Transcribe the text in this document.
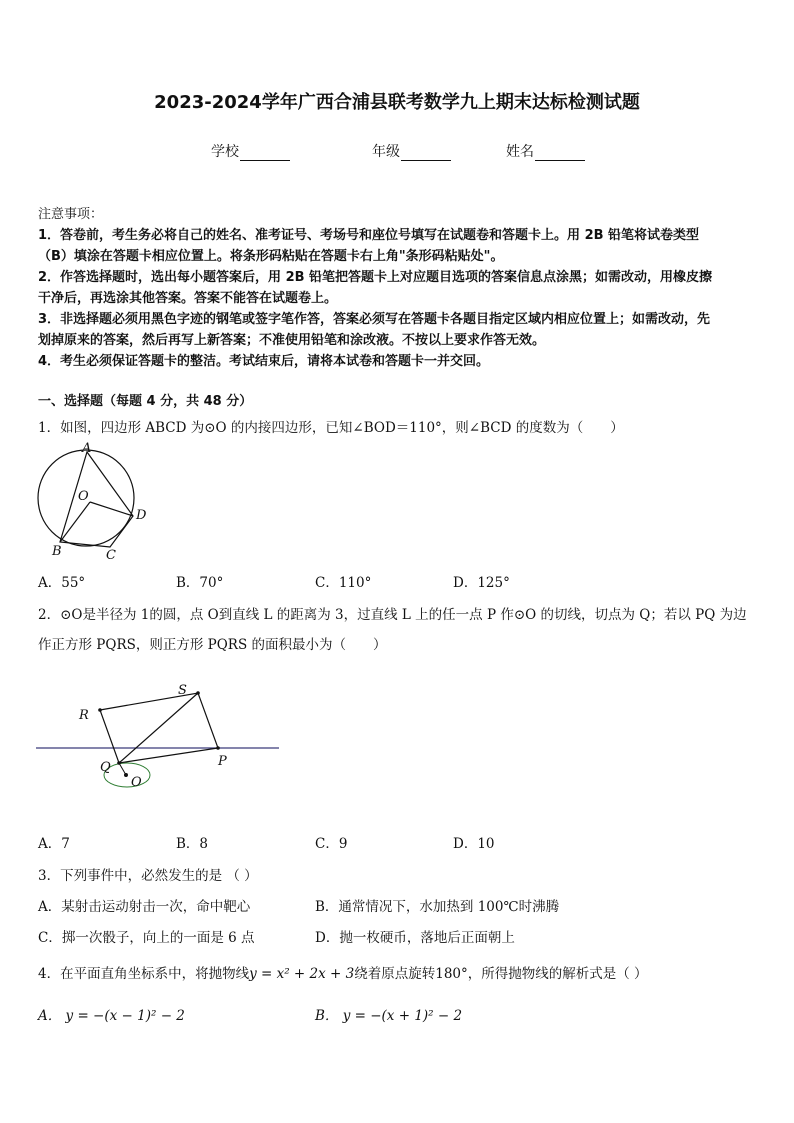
2023-2024学年广西合浦县联考数学九上期末达标检测试题
学校	年级	姓名
注意事项：
1．答卷前，考生务必将自己的姓名、准考证号、考场号和座位号填写在试题卷和答题卡上。用 2B 铅笔将试卷类型
（B）填涂在答题卡相应位置上。将条形码粘贴在答题卡右上角"条形码粘贴处"。
2．作答选择题时，选出每小题答案后，用 2B 铅笔把答题卡上对应题目选项的答案信息点涂黑；如需改动，用橡皮擦
干净后，再选涂其他答案。答案不能答在试题卷上。
3．非选择题必须用黑色字迹的钢笔或签字笔作答，答案必须写在答题卡各题目指定区域内相应位置上；如需改动，先
划掉原来的答案，然后再写上新答案；不准使用铅笔和涂改液。不按以上要求作答无效。
4．考生必须保证答题卡的整洁。考试结束后，请将本试卷和答题卡一并交回。
一、选择题（每题 4 分，共 48 分）
1．如图，四边形 ABCD 为⊙O 的内接四边形，已知∠BOD＝110°，则∠BCD 的度数为（　　）
A
O
D
B	C
A．55°	B．70°	C．110°	D．125°
2．⊙O是半径为 1的圆，点 O到直线 L 的距离为 3，过直线 L 上的任一点 P 作⊙O 的切线，切点为 Q；若以 PQ 为边
作正方形 PQRS，则正方形 PQRS 的面积最小为（　　）
R
S
P
Q
O
A．7	B．8	C．9	D．10
3．下列事件中，必然发生的是 （ ）
A．某射击运动射击一次，命中靶心	B．通常情况下，水加热到 100℃时沸腾
C．掷一次骰子，向上的一面是 6 点	D．抛一枚硬币，落地后正面朝上
4．在平面直角坐标系中，将抛物线y = x² + 2x + 3绕着原点旋转180°，所得抛物线的解析式是（ ）
A． y = −(x − 1)² − 2	B． y = −(x + 1)² − 2
